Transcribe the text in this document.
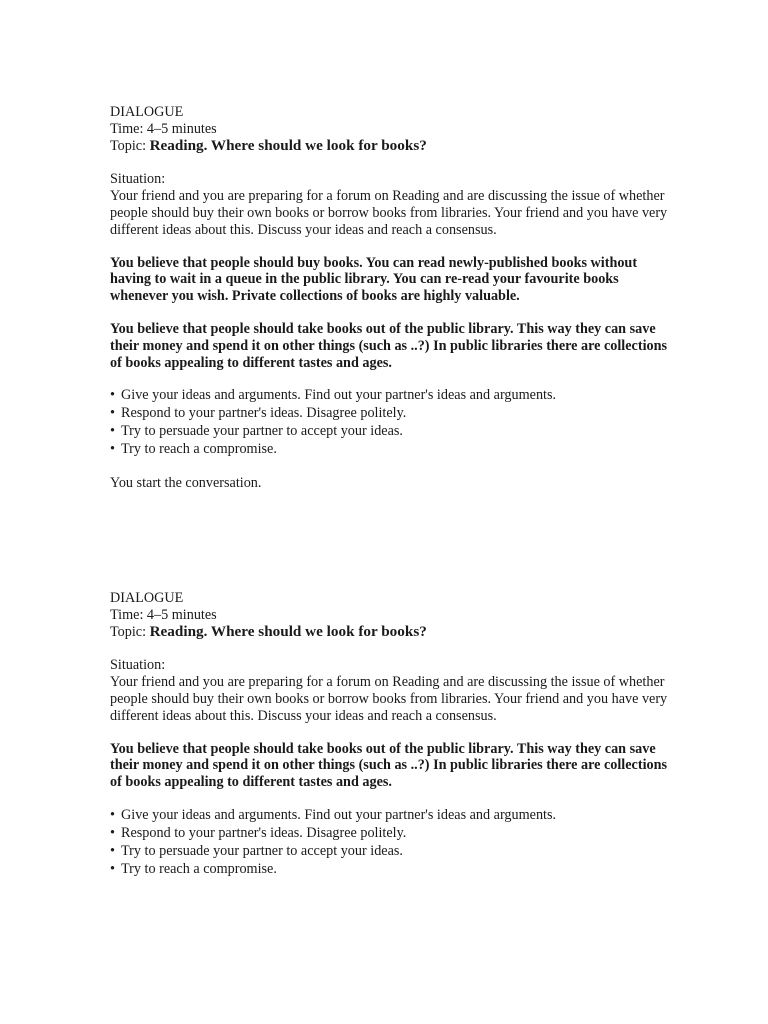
DIALOGUE
Time: 4–5 minutes
Topic: Reading. Where should we look for books?
Situation:
Your friend and you are preparing for a forum on Reading and are discussing the issue of whether
people should buy their own books or borrow books from libraries. Your friend and you have very
different ideas about this. Discuss your ideas and reach a consensus.
You believe that people should buy books. You can read newly-published books without
having to wait in a queue in the public library. You can re-read your favourite books
whenever you wish. Private collections of books are highly valuable.
You believe that people should take books out of the public library. This way they can save
their money and spend it on other things (such as ..?) In public libraries there are collections
of books appealing to different tastes and ages.
• Give your ideas and arguments. Find out your partner's ideas and arguments.
• Respond to your partner's ideas. Disagree politely.
• Try to persuade your partner to accept your ideas.
• Try to reach a compromise.
You start the conversation.
DIALOGUE
Time: 4–5 minutes
Topic: Reading. Where should we look for books?
Situation:
Your friend and you are preparing for a forum on Reading and are discussing the issue of whether
people should buy their own books or borrow books from libraries. Your friend and you have very
different ideas about this. Discuss your ideas and reach a consensus.
You believe that people should take books out of the public library. This way they can save
their money and spend it on other things (such as ..?) In public libraries there are collections
of books appealing to different tastes and ages.
• Give your ideas and arguments. Find out your partner's ideas and arguments.
• Respond to your partner's ideas. Disagree politely.
• Try to persuade your partner to accept your ideas.
• Try to reach a compromise.
